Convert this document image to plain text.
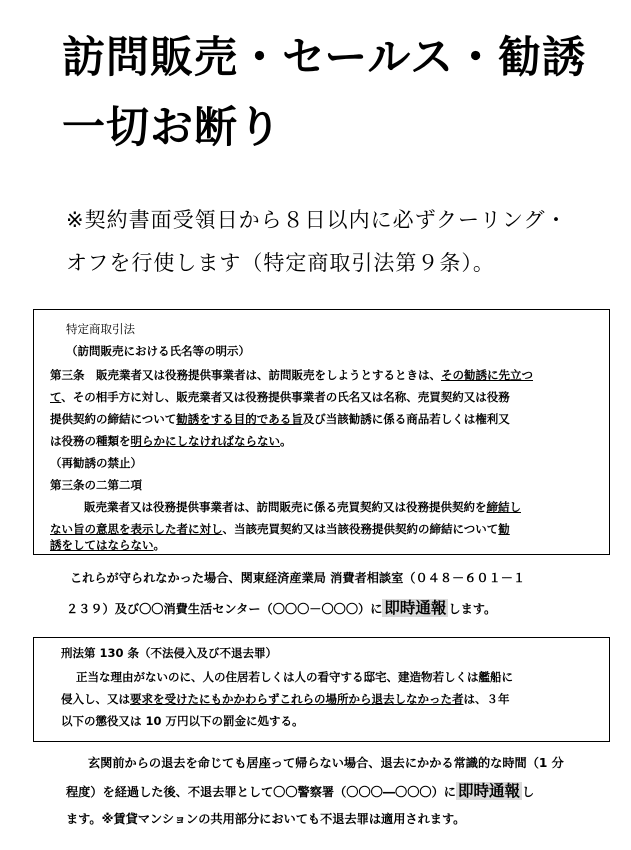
訪問販売・セールス・勧誘
一切お断り
※契約書面受領日から８日以内に必ずクーリング・
オフを行使します（特定商取引法第９条）。
特定商取引法
（訪問販売における氏名等の明示）
第三条　販売業者又は役務提供事業者は、訪問販売をしようとするときは、その勧誘に先立つ
て、その相手方に対し、販売業者又は役務提供事業者の氏名又は名称、売買契約又は役務
提供契約の締結について勧誘をする目的である旨及び当該勧誘に係る商品若しくは権利又
は役務の種類を明らかにしなければならない。
（再勧誘の禁止）
第三条の二第二項
販売業者又は役務提供事業者は、訪問販売に係る売買契約又は役務提供契約を締結し
ない旨の意思を表示した者に対し、当該売買契約又は当該役務提供契約の締結について勧
誘をしてはならない。
これらが守られなかった場合、関東経済産業局 消費者相談室（０４８－６０１－１
２３９）及び〇〇消費生活センター（〇〇〇－〇〇〇）に 即時通報 します。
刑法第 130 条（不法侵入及び不退去罪）
正当な理由がないのに、人の住居若しくは人の看守する邸宅、建造物若しくは艦船に
侵入し、又は要求を受けたにもかかわらずこれらの場所から退去しなかった者は、３年
以下の懲役又は 10 万円以下の罰金に処する。
玄関前からの退去を命じても居座って帰らない場合、退去にかかる常識的な時間（1 分
程度）を経過した後、不退去罪として〇〇警察署（〇〇〇―〇〇〇）に 即時通報 し
ます。※賃貸マンションの共用部分においても不退去罪は適用されます。
